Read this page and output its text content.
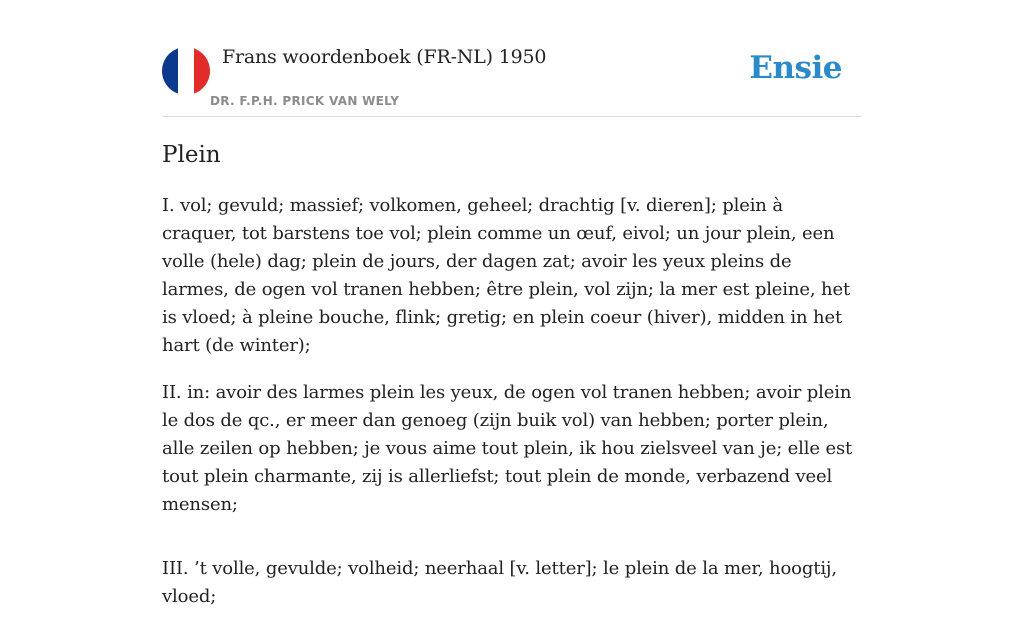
Frans woordenboek (FR-NL) 1950
DR. F.P.H. PRICK VAN WELY
Ensie
Plein

I. vol; gevuld; massief; volkomen, geheel; drachtig [v. dieren]; plein à craquer, tot barstens toe vol; plein comme un œuf, eivol; un jour plein, een volle (hele) dag; plein de jours, der dagen zat; avoir les yeux pleins de larmes, de ogen vol tranen hebben; être plein, vol zijn; la mer est pleine, het is vloed; à pleine bouche, flink; gretig; en plein coeur (hiver), midden in het hart (de winter);

II. in: avoir des larmes plein les yeux, de ogen vol tranen hebben; avoir plein le dos de qc., er meer dan genoeg (zijn buik vol) van hebben; porter plein, alle zeilen op hebben; je vous aime tout plein, ik hou zielsveel van je; elle est tout plein charmante, zij is allerliefst; tout plein de monde, verbazend veel mensen;

III. ’t volle, gevulde; volheid; neerhaal [v. letter]; le plein de la mer, hoogtij, vloed;
